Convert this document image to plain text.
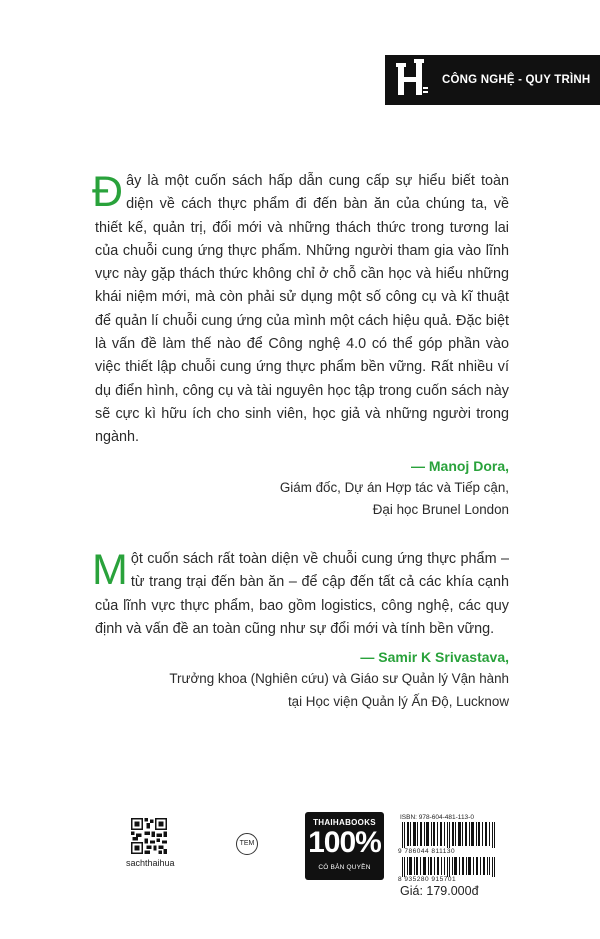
CÔNG NGHỆ - QUY TRÌNH

Đây là một cuốn sách hấp dẫn cung cấp sự hiểu biết toàn diện về cách thực phẩm đi đến bàn ăn của chúng ta, về thiết kế, quản trị, đổi mới và những thách thức trong tương lai của chuỗi cung ứng thực phẩm. Những người tham gia vào lĩnh vực này gặp thách thức không chỉ ở chỗ cần học và hiểu những khái niệm mới, mà còn phải sử dụng một số công cụ và kĩ thuật để quản lí chuỗi cung ứng của mình một cách hiệu quả. Đặc biệt là vấn đề làm thế nào để Công nghệ 4.0 có thể góp phần vào việc thiết lập chuỗi cung ứng thực phẩm bền vững. Rất nhiều ví dụ điển hình, công cụ và tài nguyên học tập trong cuốn sách này sẽ cực kì hữu ích cho sinh viên, học giả và những người trong ngành.

— Manoj Dora,
Giám đốc, Dự án Hợp tác và Tiếp cận,
Đại học Brunel London

Một cuốn sách rất toàn diện về chuỗi cung ứng thực phẩm – từ trang trại đến bàn ăn – để cập đến tất cả các khía cạnh của lĩnh vực thực phẩm, bao gồm logistics, công nghệ, các quy định và vấn đề an toàn cũng như sự đổi mới và tính bền vững.

— Samir K Srivastava,
Trưởng khoa (Nghiên cứu) và Giáo sư Quản lý Vận hành
tại Học viện Quản lý Ấn Độ, Lucknow
sachthaihua
TEM
THAIHABOOKS
100%
CÓ BẢN QUYỀN
ISBN: 978-604-481-113-0
9 786044 811130
8 935280 915701
Giá: 179.000đ
